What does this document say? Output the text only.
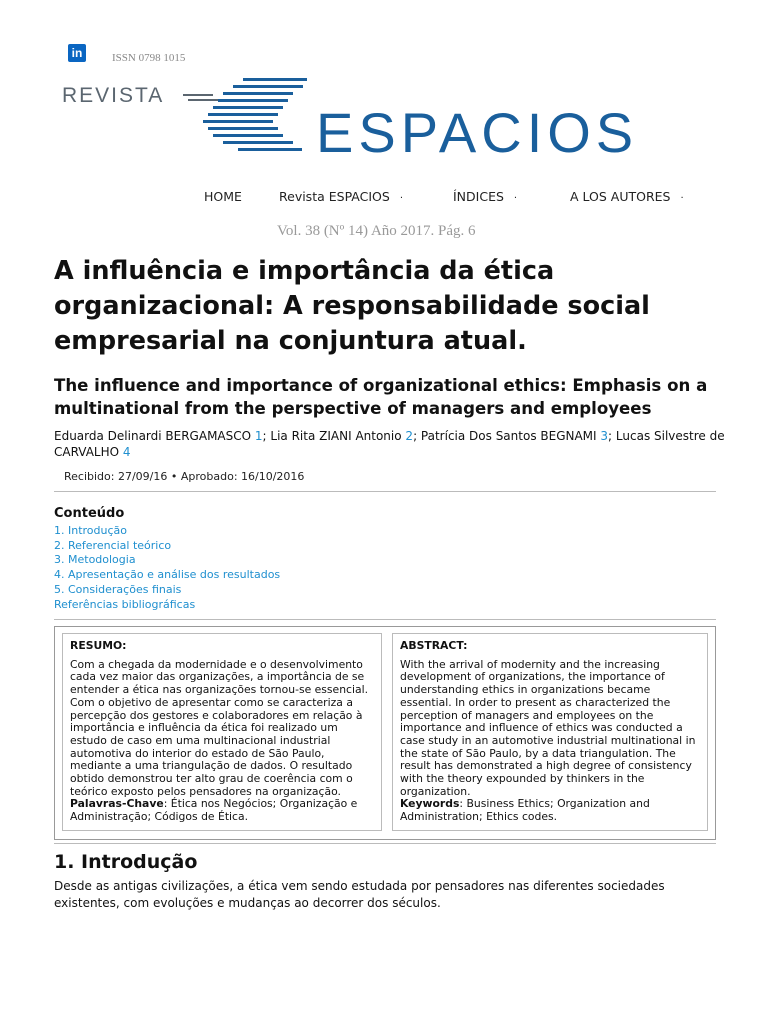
in	ISSN 0798 1015
REVISTA
ESPACIOS
HOME	Revista ESPACIOS ·	ÍNDICES ·	A LOS AUTORES ·
Vol. 38 (Nº 14) Año 2017. Pág. 6
A influência e importância da ética organizacional: A responsabilidade social empresarial na conjuntura atual.
The influence and importance of organizational ethics: Emphasis on a multinational from the perspective of managers and employees
Eduarda Delinardi BERGAMASCO 1; Lia Rita ZIANI Antonio 2; Patrícia Dos Santos BEGNAMI 3; Lucas Silvestre de CARVALHO 4
Recibido: 27/09/16 • Aprobado: 16/10/2016
Conteúdo
1. Introdução
2. Referencial teórico
3. Metodologia
4. Apresentação e análise dos resultados
5. Considerações finais
Referências bibliográficas
RESUMO:
Com a chegada da modernidade e o desenvolvimento cada vez maior das organizações, a importância de se entender a ética nas organizações tornou-se essencial. Com o objetivo de apresentar como se caracteriza a percepção dos gestores e colaboradores em relação à importância e influência da ética foi realizado um estudo de caso em uma multinacional industrial automotiva do interior do estado de São Paulo, mediante a uma triangulação de dados. O resultado obtido demonstrou ter alto grau de coerência com o teórico exposto pelos pensadores na organização.
Palavras-Chave: Ética nos Negócios; Organização e Administração; Códigos de Ética.
ABSTRACT:
With the arrival of modernity and the increasing development of organizations, the importance of understanding ethics in organizations became essential. In order to present as characterized the perception of managers and employees on the importance and influence of ethics was conducted a case study in an automotive industrial multinational in the state of São Paulo, by a data triangulation. The result has demonstrated a high degree of consistency with the theory expounded by thinkers in the organization.
Keywords: Business Ethics; Organization and Administration; Ethics codes.
1. Introdução
Desde as antigas civilizações, a ética vem sendo estudada por pensadores nas diferentes sociedades existentes, com evoluções e mudanças ao decorrer dos séculos.
